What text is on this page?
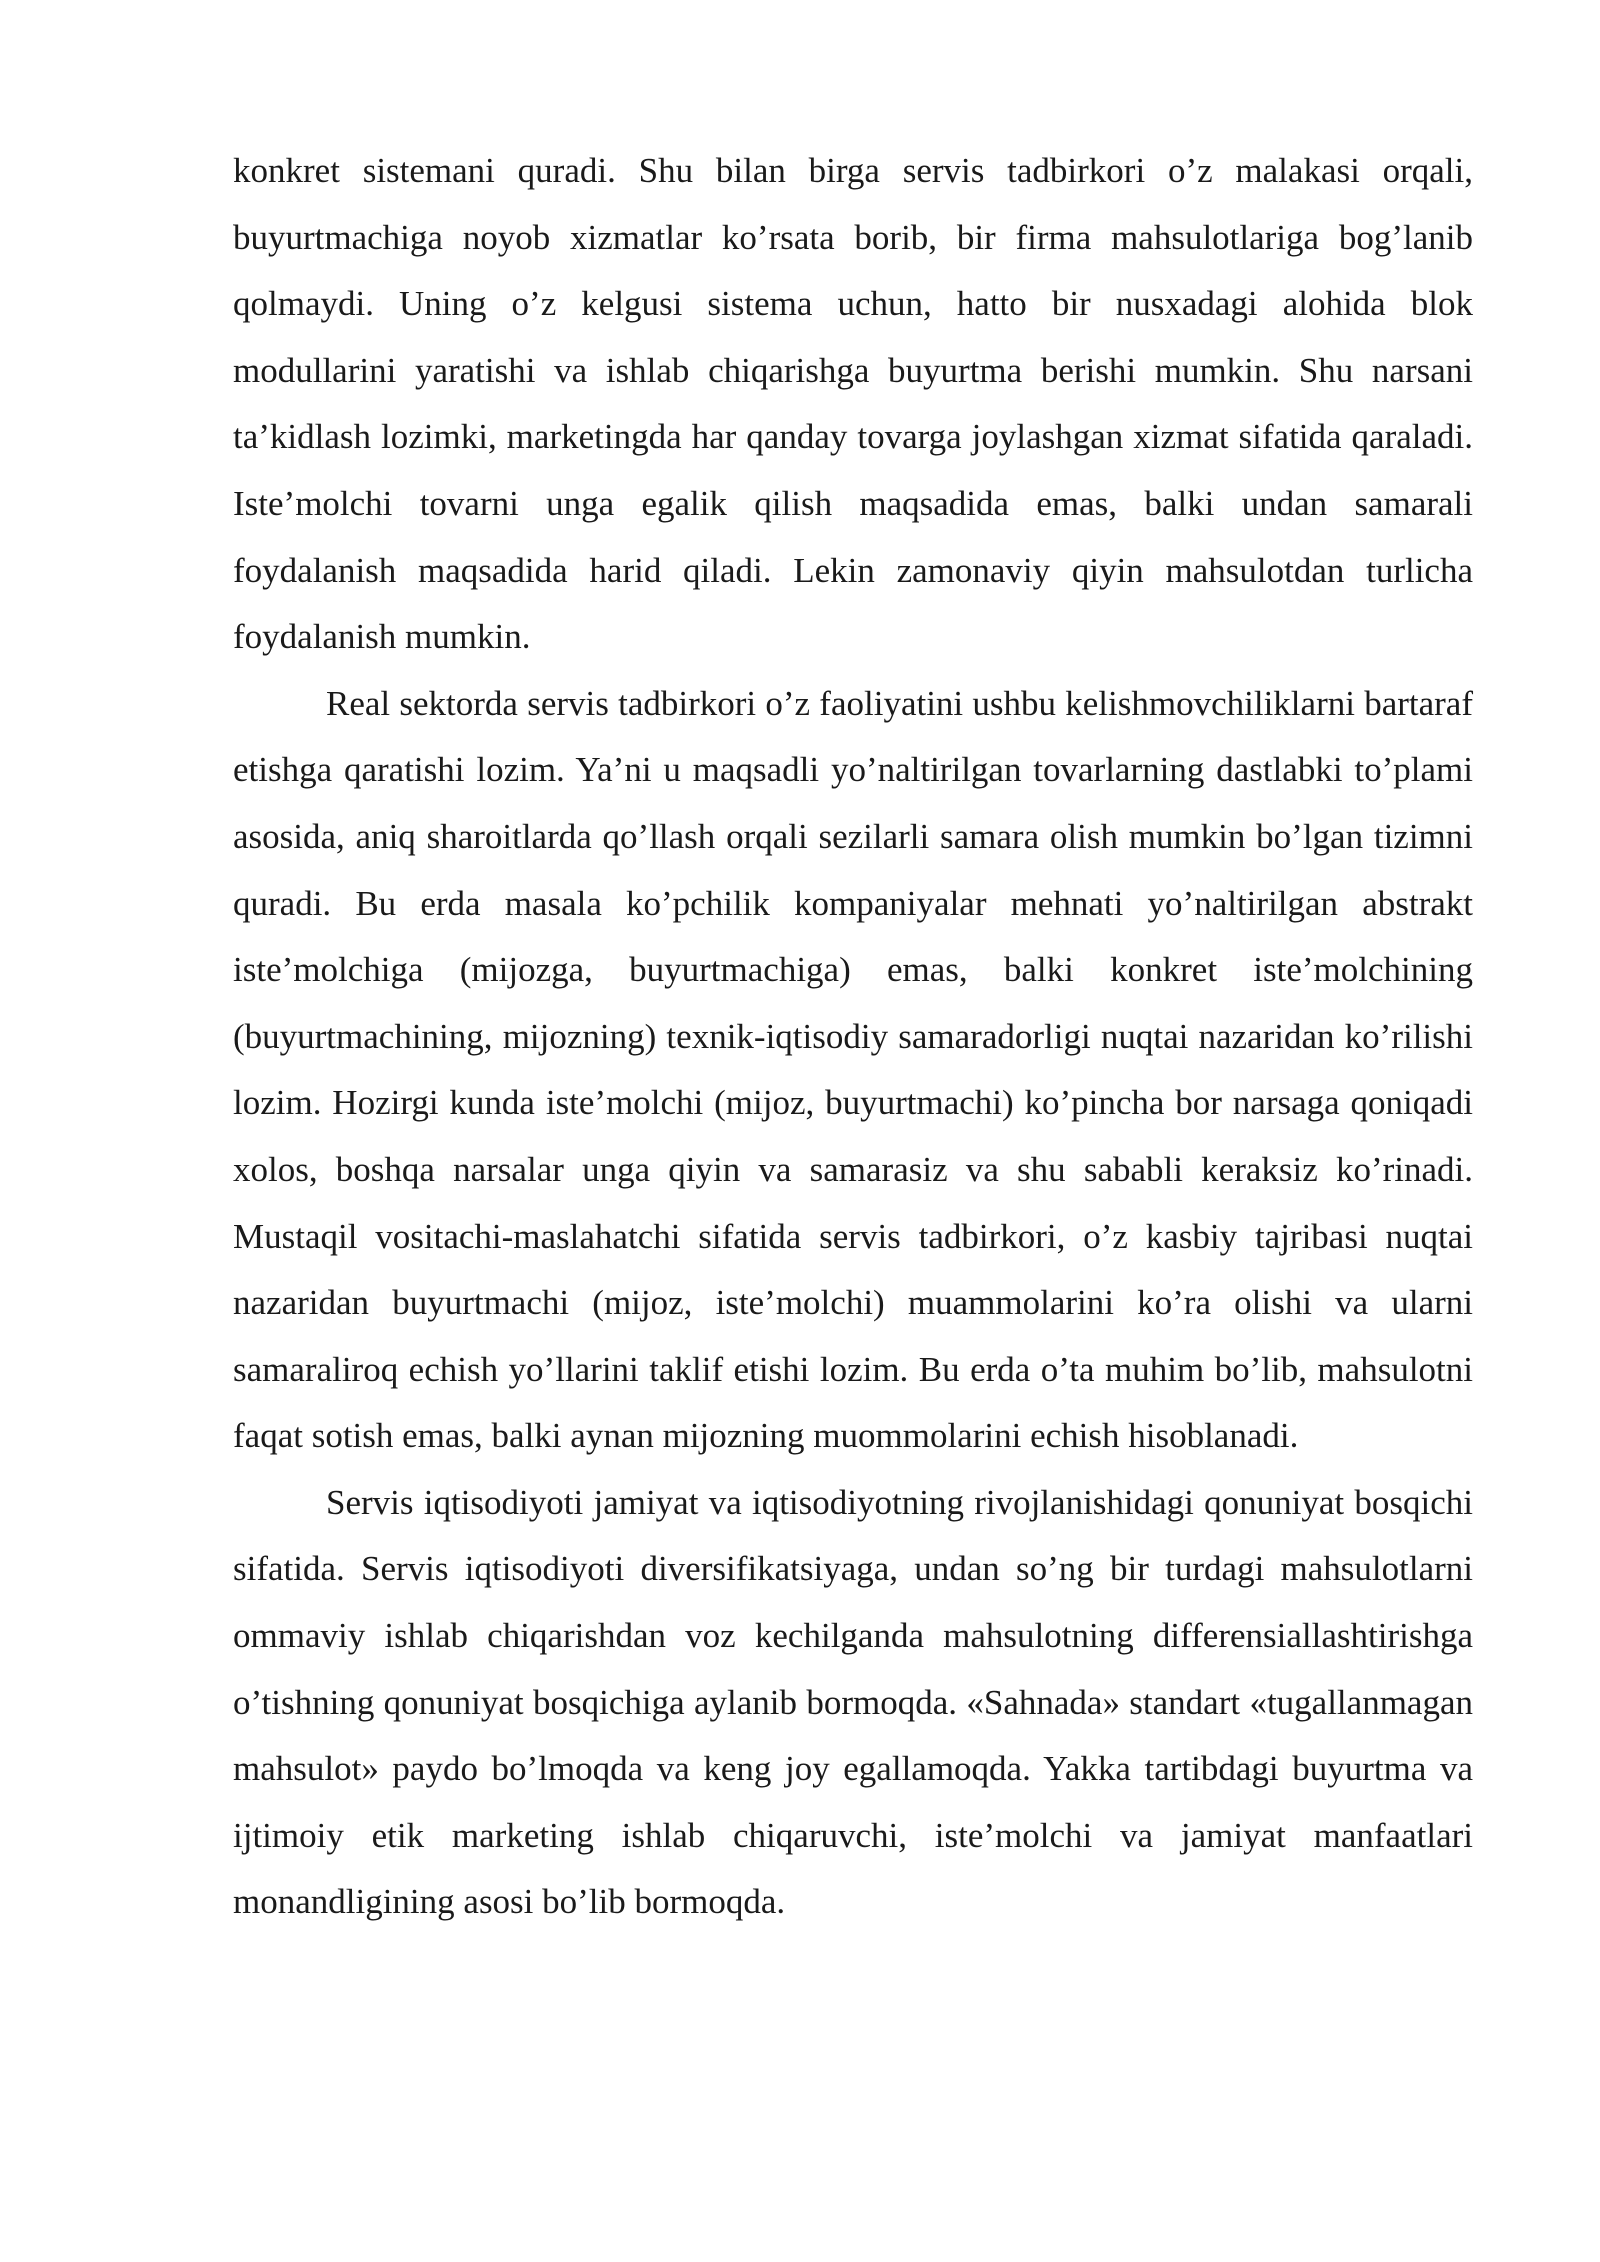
konkret sistemani quradi. Shu bilan birga servis tadbirkori o’z malakasi orqali, buyurtmachiga noyob xizmatlar ko’rsata borib, bir firma mahsulotlariga bog’lanib qolmaydi. Uning o’z kelgusi sistema uchun, hatto bir nusxadagi alohida blok modullarini yaratishi va ishlab chiqarishga buyurtma berishi mumkin. Shu narsani ta’kidlash lozimki, marketingda har qanday tovarga joylashgan xizmat sifatida qaraladi. Iste’molchi tovarni unga egalik qilish maqsadida emas, balki undan samarali foydalanish maqsadida harid qiladi. Lekin zamonaviy qiyin mahsulotdan turlicha foydalanish mumkin.

Real sektorda servis tadbirkori o’z faoliyatini ushbu kelishmovchiliklarni bartaraf etishga qaratishi lozim. Ya’ni u maqsadli yo’naltirilgan tovarlarning dastlabki to’plami asosida, aniq sharoitlarda qo’llash orqali sezilarli samara olish mumkin bo’lgan tizimni quradi. Bu erda masala ko’pchilik kompaniyalar mehnati yo’naltirilgan abstrakt iste’molchiga (mijozga, buyurtmachiga) emas, balki konkret iste’molchining (buyurtmachining, mijozning) texnik-iqtisodiy samaradorligi nuqtai nazaridan ko’rilishi lozim. Hozirgi kunda iste’molchi (mijoz, buyurtmachi) ko’pincha bor narsaga qoniqadi xolos, boshqa narsalar unga qiyin va samarasiz va shu sababli keraksiz ko’rinadi. Mustaqil vositachi-maslahatchi sifatida servis tadbirkori, o’z kasbiy tajribasi nuqtai nazaridan buyurtmachi (mijoz, iste’molchi) muammolarini ko’ra olishi va ularni samaraliroq echish yo’llarini taklif etishi lozim. Bu erda o’ta muhim bo’lib, mahsulotni faqat sotish emas, balki aynan mijozning muommolarini echish hisoblanadi.

Servis iqtisodiyoti jamiyat va iqtisodiyotning rivojlanishidagi qonuniyat bosqichi sifatida. Servis iqtisodiyoti diversifikatsiyaga, undan so’ng bir turdagi mahsulotlarni ommaviy ishlab chiqarishdan voz kechilganda mahsulotning differensiallashtirishga o’tishning qonuniyat bosqichiga aylanib bormoqda. «Sahnada» standart «tugallanmagan mahsulot» paydo bo’lmoqda va keng joy egallamoqda. Yakka tartibdagi buyurtma va ijtimoiy etik marketing ishlab chiqaruvchi, iste’molchi va jamiyat manfaatlari monandligining asosi bo’lib bormoqda.
